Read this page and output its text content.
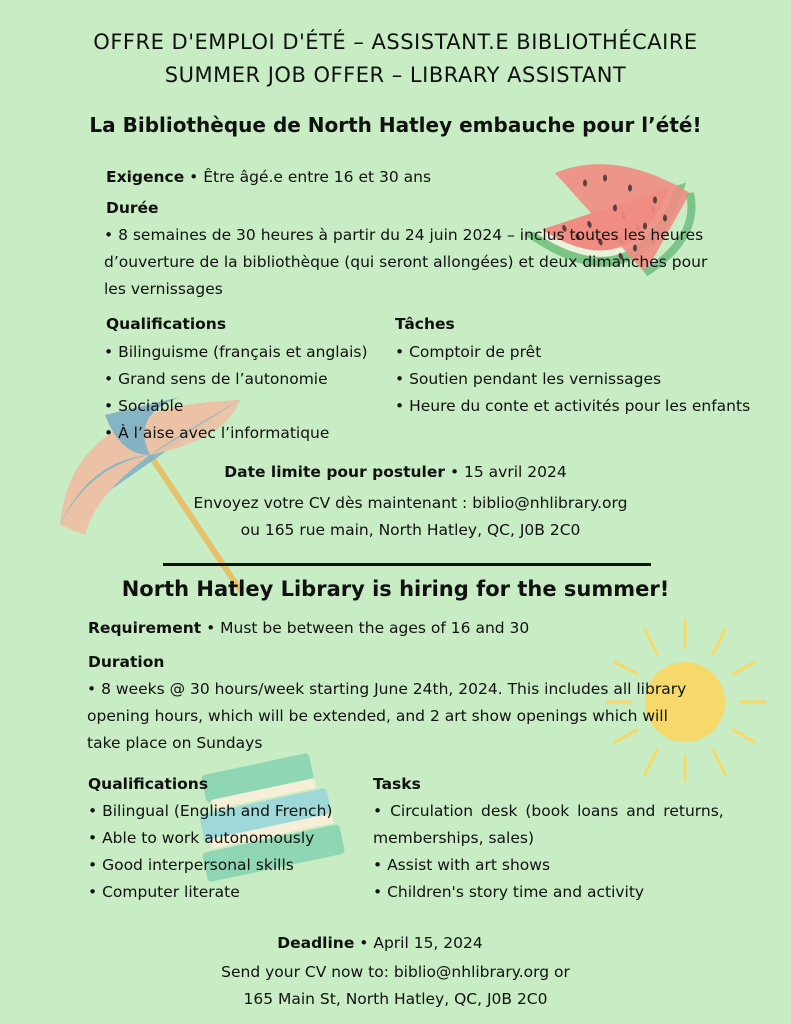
OFFRE D'EMPLOI D'ÉTÉ – ASSISTANT.E BIBLIOTHÉCAIRE
SUMMER JOB OFFER – LIBRARY ASSISTANT
La Bibliothèque de North Hatley embauche pour l’été!
Exigence • Être âgé.e entre 16 et 30 ans
Durée
• 8 semaines de 30 heures à partir du 24 juin 2024 – inclus toutes les heures
d’ouverture de la bibliothèque (qui seront allongées) et deux dimanches pour
les vernissages
Qualifications
• Bilinguisme (français et anglais)
• Grand sens de l’autonomie
• Sociable
• À l’aise avec l’informatique
Tâches
• Comptoir de prêt
• Soutien pendant les vernissages
• Heure du conte et activités pour les enfants
Date limite pour postuler • 15 avril 2024
Envoyez votre CV dès maintenant : biblio@nhlibrary.org
ou 165 rue main, North Hatley, QC, J0B 2C0
North Hatley Library is hiring for the summer!
Requirement • Must be between the ages of 16 and 30
Duration
• 8 weeks @ 30 hours/week starting June 24th, 2024. This includes all library
opening hours, which will be extended, and 2 art show openings which will
take place on Sundays
Qualifications
• Bilingual (English and French)
• Able to work autonomously
• Good interpersonal skills
• Computer literate
Tasks
• Circulation desk (book loans and returns,
memberships, sales)
• Assist with art shows
• Children's story time and activity
Deadline • April 15, 2024
Send your CV now to: biblio@nhlibrary.org or
165 Main St, North Hatley, QC, J0B 2C0
